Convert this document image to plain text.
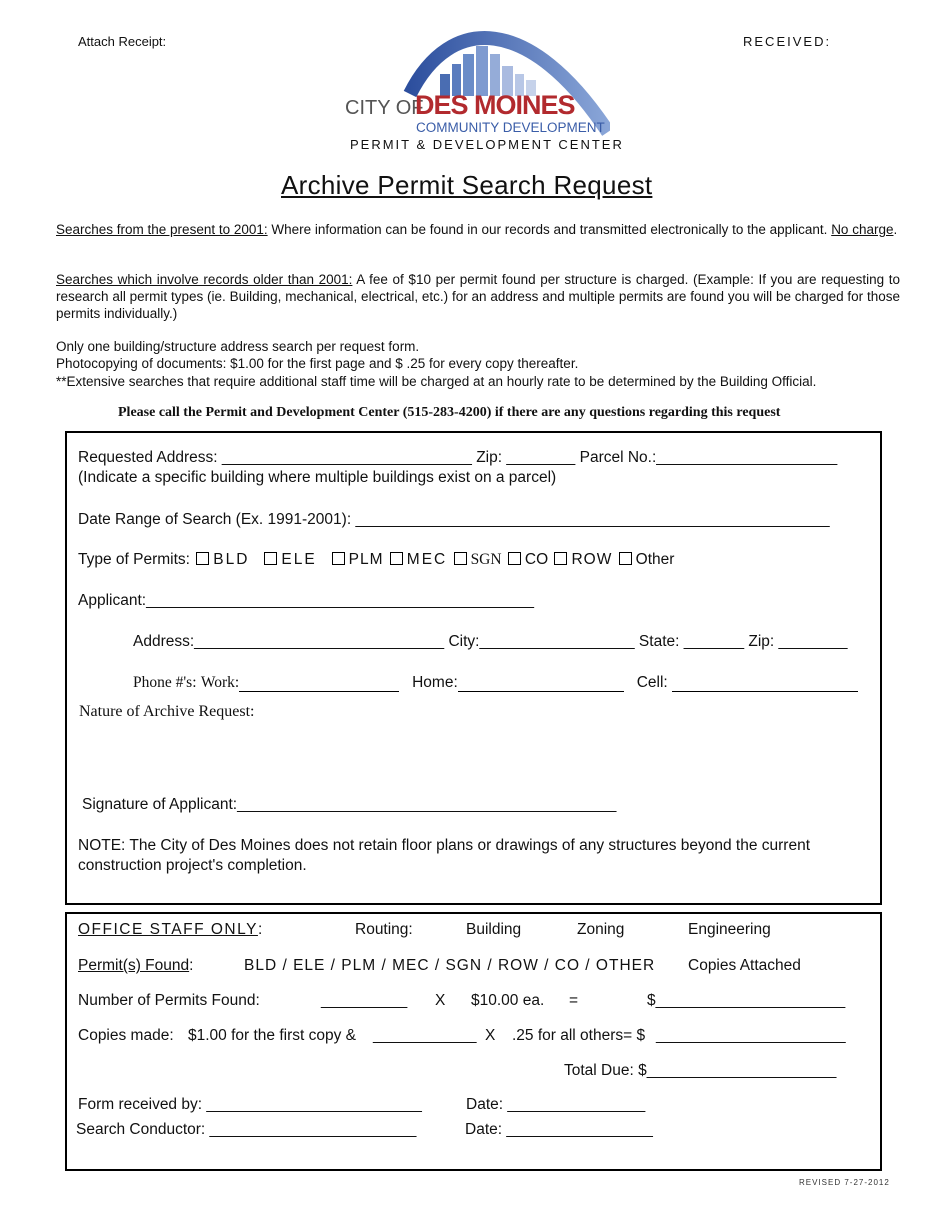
Attach Receipt:	RECEIVED:
CITY OF
DES MOINES
COMMUNITY DEVELOPMENT
PERMIT & DEVELOPMENT CENTER
Archive Permit Search Request
Searches from the present to 2001: Where information can be found in our records and transmitted electronically to the applicant. No charge.
Searches which involve records older than 2001: A fee of $10 per permit found per structure is charged. (Example: If you are requesting to research all permit types (ie. Building, mechanical, electrical, etc.) for an address and multiple permits are found you will be charged for those permits individually.)
Only one building/structure address search per request form.
Photocopying of documents: $1.00 for the first page and $ .25 for every copy thereafter.
**Extensive searches that require additional staff time will be charged at an hourly rate to be determined by the Building Official.
Please call the Permit and Development Center (515-283-4200) if there are any questions regarding this request
Requested Address: _____________________________ Zip: ________ Parcel No.:_____________________
(Indicate a specific building where multiple buildings exist on a parcel)
Date Range of Search (Ex. 1991-2001): _______________________________________________________
Type of Permits: BLD ELE PLM MEC SGN CO ROW Other
Applicant:_____________________________________________
Address:_____________________________ City:__________________ State: _______ Zip: ________
Phone #'s: Work:	Home:	Cell:
Nature of Archive Request:
Signature of Applicant:____________________________________________
NOTE: The City of Des Moines does not retain floor plans or drawings of any structures beyond the current
construction project's completion.
OFFICE STAFF ONLY:	Routing:	Building	Zoning	Engineering
Permit(s) Found:	BLD / ELE / PLM / MEC / SGN / ROW / CO / OTHER Copies Attached
Number of Permits Found:	__________ X $10.00 ea. =	$______________________
Copies made: $1.00 for the first copy & ____________ X .25 for all others= $ ______________________
Total Due: $______________________
Form received by: _________________________	Date: ________________
Search Conductor: ________________________	Date: _________________
REVISED 7-27-2012
